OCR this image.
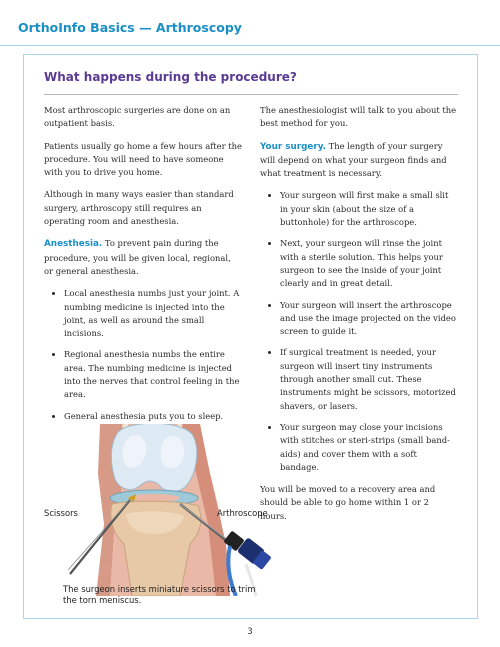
OrthoInfo Basics — Arthroscopy
What happens during the procedure?

Most arthroscopic surgeries are done on an outpatient basis.

Patients usually go home a few hours after the procedure. You will need to have someone with you to drive you home.

Although in many ways easier than standard surgery, arthroscopy still requires an operating room and anesthesia.

Anesthesia. To prevent pain during the procedure, you will be given local, regional, or general anesthesia.

• Local anesthesia numbs just your joint. A numbing medicine is injected into the joint, as well as around the small incisions.
• Regional anesthesia numbs the entire area. The numbing medicine is injected into the nerves that control feeling in the area.
• General anesthesia puts you to sleep.

The anesthesiologist will talk to you about the best method for you.

Your surgery. The length of your surgery will depend on what your surgeon finds and what treatment is necessary.

• Your surgeon will first make a small slit in your skin (about the size of a buttonhole) for the arthroscope.
• Next, your surgeon will rinse the joint with a sterile solution. This helps your surgeon to see the inside of your joint clearly and in great detail.
• Your surgeon will insert the arthroscope and use the image projected on the video screen to guide it.
• If surgical treatment is needed, your surgeon will insert tiny instruments through another small cut. These instruments might be scissors, motorized shavers, or lasers.
• Your surgeon may close your incisions with stitches or steri-strips (small band-aids) and cover them with a soft bandage.

You will be moved to a recovery area and should be able to go home within 1 or 2 hours.

Scissors	Arthroscope
The surgeon inserts miniature scissors to trim the torn meniscus.
3
